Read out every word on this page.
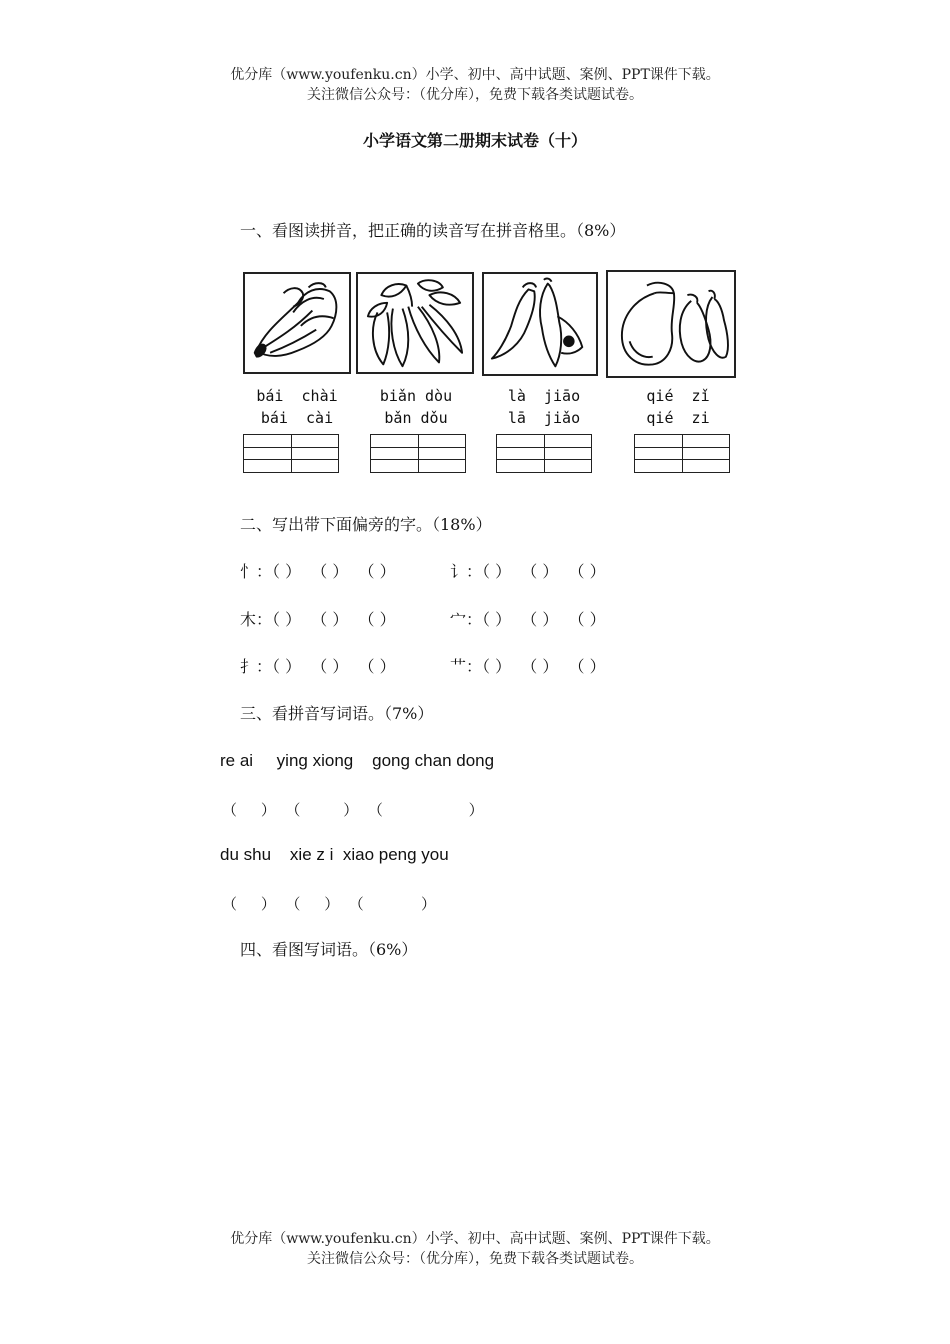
优分库（www.youfenku.cn）小学、初中、高中试题、案例、PPT课件下载。
关注微信公众号：（优分库），免费下载各类试题试卷。
小学语文第二册期末试卷（十）
一、看图读拼音，把正确的读音写在拼音格里。（8%）
bái  chài
bái  cài
biǎn dòu
bǎn dǒu
là  jiāo
lā  jiǎo
qié  zǐ
qié  zi
二、写出带下面偏旁的字。（18%）
忄：（ ）  （ ）  （ ）	讠：（ ）  （ ）  （ ）
木：（ ）  （ ）  （ ）	宀：（ ）  （ ）  （ ）
扌：（ ）  （ ）  （ ）	艹：（ ）  （ ）  （ ）
三、看拼音写词语。（7%）
re ai     ying xiong    gong chan dong
（     ）  （         ）  （                  ）
du shu    xie z i  xiao peng you
（     ）  （     ）  （            ）
四、看图写词语。（6%）
优分库（www.youfenku.cn）小学、初中、高中试题、案例、PPT课件下载。
关注微信公众号：（优分库），免费下载各类试题试卷。
